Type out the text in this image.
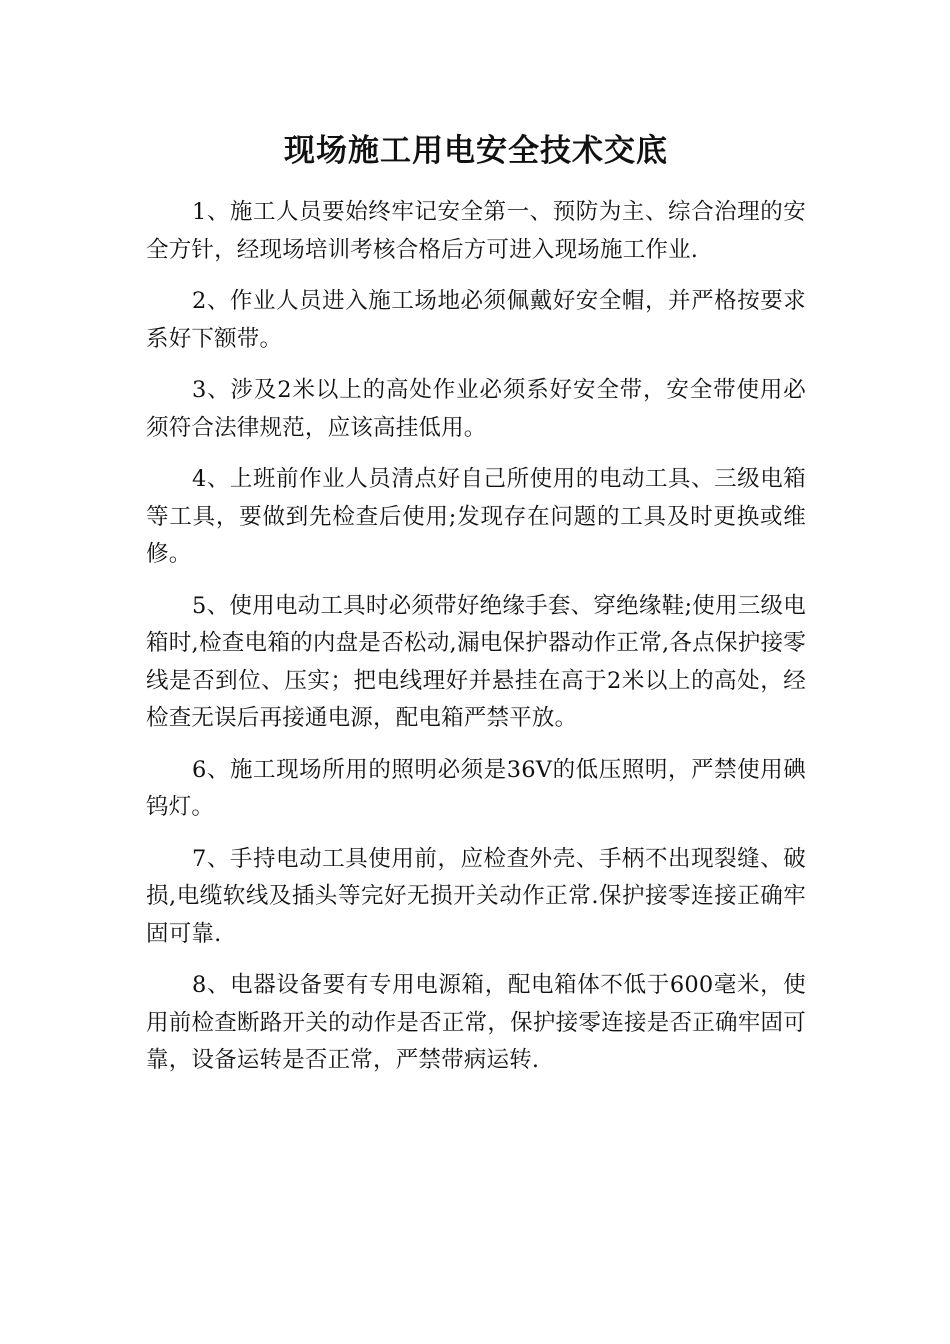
现场施工用电安全技术交底

1、施工人员要始终牢记安全第一、预防为主、综合治理的安全方针，经现场培训考核合格后方可进入现场施工作业.

2、作业人员进入施工场地必须佩戴好安全帽，并严格按要求系好下额带。

3、涉及2米以上的高处作业必须系好安全带，安全带使用必须符合法律规范，应该高挂低用。

4、上班前作业人员清点好自己所使用的电动工具、三级电箱等工具，要做到先检查后使用;发现存在问题的工具及时更换或维修。

5、使用电动工具时必须带好绝缘手套、穿绝缘鞋;使用三级电箱时,检查电箱的内盘是否松动,漏电保护器动作正常,各点保护接零线是否到位、压实；把电线理好并悬挂在高于2米以上的高处，经检查无误后再接通电源，配电箱严禁平放。

6、施工现场所用的照明必须是36V的低压照明，严禁使用碘钨灯。

7、手持电动工具使用前，应检查外壳、手柄不出现裂缝、破损,电缆软线及插头等完好无损开关动作正常.保护接零连接正确牢固可靠.

8、电器设备要有专用电源箱，配电箱体不低于600毫米，使用前检查断路开关的动作是否正常，保护接零连接是否正确牢固可靠，设备运转是否正常，严禁带病运转.
